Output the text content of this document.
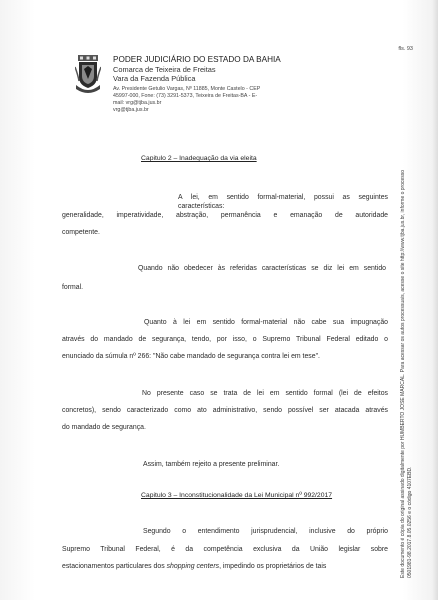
fls. 93
PODER JUDICIÁRIO DO ESTADO DA BAHIA
Comarca de Teixeira de Freitas
Vara da Fazenda Pública
Av. Presidente Getulio Vargas, Nº 11885, Monte Castelo - CEP
45997-000, Fone: (73) 3291-5373, Teixeira de Freitas-BA - E-
mail: vrg@tjba.jus.br
vrg@tjba.jus.br
Capitulo 2 – Inadequação da via eleita
A lei, em sentido formal-material, possui as seguintes características:
generalidade, imperatividade, abstração, permanência e emanação de autoridade
competente.
Quando não obedecer às referidas características se diz lei em sentido
formal.
Quanto à lei em sentido formal-material não cabe sua impugnação
através do mandado de segurança, tendo, por isso, o Supremo Tribunal Federal editado o
enunciado da súmula nº 266: "Não cabe mandado de segurança contra lei em tese".
No presente caso se trata de lei em sentido formal (lei de efeitos
concretos), sendo caracterizado como ato administrativo, sendo possível ser atacada através
do mandado de segurança.
Assim, também rejeito a presente preliminar.
Capitulo 3 – Inconstitucionalidade da Lei Municipal nº 992/2017
Segundo o entendimento jurisprudencial, inclusive do próprio
Supremo Tribunal Federal, é da competência exclusiva da União legislar sobre
estacionamentos particulares dos shopping centers, impedindo os proprietários de tais	Este documento é cópia do original assinado digitalmente por HUMBERTO JOSE MARCAL. Para acessar os autos processuais, acesse o site http://www.tjba.jus.br, informe o processo 0501981-98.2017.8.05.0256 e o código 4107EBD.
